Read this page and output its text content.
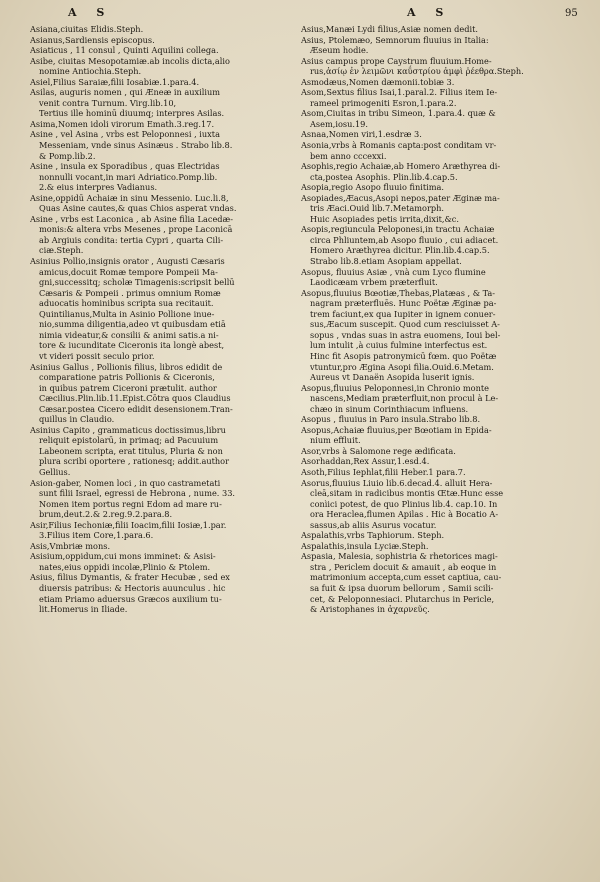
A S	A S	95
Asiana,ciuitas Elidis.Steph.
Asianus,Sardiensis episcopus.
Asiaticus , 11 consul , Quinti Aquilini collega.
Asibe, ciuitas Mesopotamiæ.ab incolis dicta,alio
nomine Antiochia.Steph.
Asiel,Filius Saraiæ,filii Iosabiæ.1.para.4.
Asilas, auguris nomen , qui Æneæ in auxilium
venit contra Turnum. Virg.lib.10,
Tertius ille hominū diuumq; interpres Asilas.
Asima,Nomen idoli virorum Emath.3.reg.17.
Asine , vel Asina , vrbs est Peloponnesi , iuxta
Messeniam, vnde sinus Asinæus . Strabo lib.8.
& Pomp.lib.2.
Asine , insula ex Sporadibus , quas Electridas
nonnulli vocant,in mari Adriatico.Pomp.lib.
2.& eius interpres Vadianus.
Asine,oppidū Achaiæ in sinu Messenio. Luc.li.8,
Quas Asine cautes,& quas Chios asperat vndas.
Asine , vrbs est Laconica , ab Asine filia Lacedæ-
monis:& altera vrbs Mesenes , prope Laconicā
ab Argiuis condita: tertia Cypri , quarta Cili-
ciæ.Steph.
Asinius Pollio,insignis orator , Augusti Cæsaris
amicus,docuit Romæ tempore Pompeii Ma-
gni,successitq; scholæ Timagenis:scripsit bellū
Cæsaris & Pompeii . primus omnium Romæ
aduocatis hominibus scripta sua recitauit.
Quintilianus,Multa in Asinio Pollione inue-
nio,summa diligentia,adeo vt quibusdam etiā
nimia videatur,& consilii & animi satis.a ni-
tore & iucunditate Ciceronis ita longè abest,
vt videri possit seculo prior.
Asinius Gallus , Pollionis filius, libros edidit de
comparatione patris Pollionis & Ciceronis,
in quibus patrem Ciceroni prætulit. author
Cæcilius.Plin.lib.11.Epist.Cōtra quos Claudius
Cæsar.postea Cicero edidit desensionem.Tran-
quillus in Claudio.
Asinius Capito , grammaticus doctissimus,libru
reliquit epistolarū, in primaq; ad Pacuuium
Labeonem scripta, erat titulus, Pluria & non
plura scribi oportere , rationesq; addit.author
Gellius.
Asion-gaber, Nomen loci , in quo castrametati
sunt filii Israel, egressi de Hebrona , nume. 33.
Nomen item portus regni Edom ad mare ru-
brum,deut.2.& 2.reg.9.2.para.8.
Asir,Filius Iechoniæ,filii Ioacim,filii Iosiæ,1.par.
3.Filius item Core,1.para.6.
Asis,Vmbriæ mons.
Asisium,oppidum,cui mons imminet: & Asisi-
nates,eius oppidi incolæ,Plinio & Ptolem.
Asius, filius Dymantis, & frater Hecubæ , sed ex
diuersis patribus: & Hectoris auunculus . hic
etiam Priamo aduersus Græcos auxilium tu-
lit.Homerus in Iliade.
Asius,Manæi Lydi filius,Asiæ nomen dedit.
Asius, Ptolemæo, Semnorum fluuius in Italia:
Æseum hodie.
Asius campus prope Caystrum fluuium.Home-
rus,ἀσίῳ ἐν λειμῶνι καΰστρίου ἀμφὶ ῥέεθρα.Steph.
Asmodæus,Nomen dæmonii.tobiæ 3.
Asom,Sextus filius Isai,1.paral.2. Filius item Ie-
rameel primogeniti Esron,1.para.2.
Asom,Ciuitas in tribu Simeon, 1.para.4. quæ &
Asem,iosu.19.
Asnaa,Nomen viri,1.esdræ 3.
Asonia,vrbs à Romanis capta:post conditam vr-
bem anno cccexxi.
Asophis,regio Achaiæ,ab Homero Aræthyrea di-
cta,postea Asophis. Plin.lib.4.cap.5.
Asopia,regio Asopo fluuio finitima.
Asopiades,Æacus,Asopi nepos,pater Æginæ ma-
tris Æaci.Ouid lib.7.Metamorph.
Huic Asopiades petis irrita,dixit,&c.
Asopis,regiuncula Peloponesi,in tractu Achaiæ
circa Phliuntem,ab Asopo fluuio , cui adiacet.
Homero Aræthyrea dicitur. Plin.lib.4.cap.5.
Strabo lib.8.etiam Asopiam appellat.
Asopus, fluuius Asiæ , vnà cum Lyco flumine
Laodicæam vrbem præterfluit.
Asopus,fluuius Bœotiæ,Thebas,Platæas , & Ta-
nagram præterfluēs. Hunc Poëtæ Æginæ pa-
trem faciunt,ex qua Iupiter in ignem conuer-
sus,Æacum suscepit. Quod cum resciuisset A-
sopus , vndas suas in astra euomens, Ioui bel-
lum intulit ,à cuius fulmine interfectus est.
Hinc fit Asopis patronymicū fœm. quo Poëtæ
vtuntur,pro Ægina Asopi filia.Ouid.6.Metam.
Aureus vt Danaën Asopida luserit ignis.
Asopus,fluuius Peloponnesi,in Chronio monte
nascens,Mediam præterfluit,non procul à Le-
chæo in sinum Corinthiacum influens.
Asopus , fluuius in Paro insula.Strabo lib.8.
Asopus,Achaiæ fluuius,per Bœotiam in Epida-
nium effluit.
Asor,vrbs à Salomone rege ædificata.
Asorhaddan,Rex Assur,1.esd.4.
Asoth,Filius Iephlat,filii Heber.1 para.7.
Asorus,fluuius Liuio lib.6.decad.4. alluit Hera-
cleā,sitam in radicibus montis Œtæ.Hunc esse
conìici potest, de quo Plinius lib.4. cap.10. In
ora Heraclea,flumen Apilas . Hic à Bocatio A-
sassus,ab aliis Asurus vocatur.
Aspalathis,vrbs Taphiorum. Steph.
Aspalathis,insula Lyciæ.Steph.
Aspasia, Malesia, sophistria & rhetorices magi-
stra , Periclem docuit & amauit , ab eoque in
matrimonium accepta,cum esset captiua, cau-
sa fuit & ipsa duorum bellorum , Samii scili-
cet, & Peloponnesiaci. Plutarchus in Pericle,
& Aristophanes in ἀχαρνεῦς.
